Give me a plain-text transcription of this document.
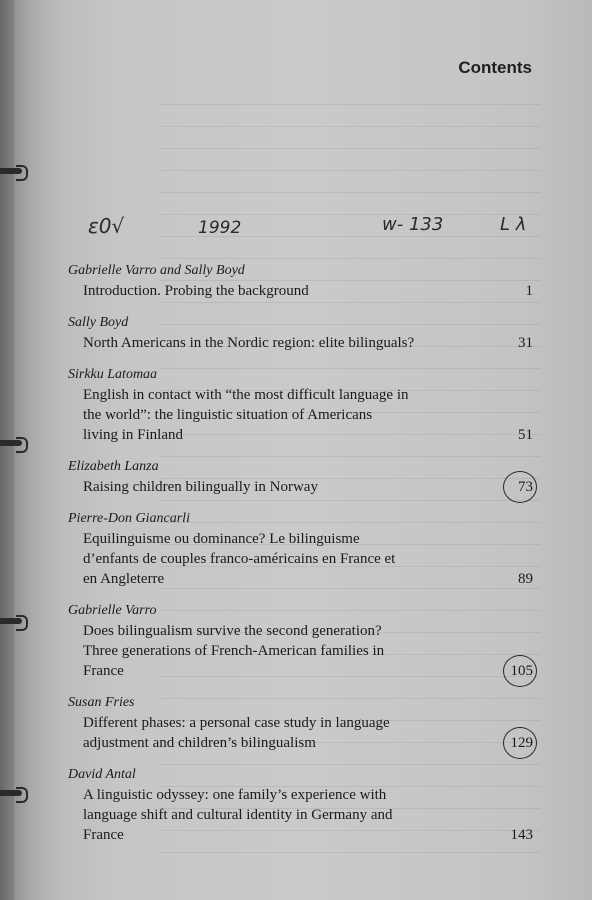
Contents
ε0√	1992	w- 133	L λ
Gabrielle Varro and Sally Boyd
Introduction. Probing the background	1
Sally Boyd
North Americans in the Nordic region: elite bilinguals?	31
Sirkku Latomaa
English in contact with “the most difficult language in
the world”: the linguistic situation of Americans
living in Finland	51
Elizabeth Lanza
Raising children bilingually in Norway	73
Pierre-Don Giancarli
Equilinguisme ou dominance? Le bilinguisme
d’enfants de couples franco-américains en France et
en Angleterre	89
Gabrielle Varro
Does bilingualism survive the second generation?
Three generations of French-American families in
France	105
Susan Fries
Different phases: a personal case study in language
adjustment and children’s bilingualism	129
David Antal
A linguistic odyssey: one family’s experience with
language shift and cultural identity in Germany and
France	143
